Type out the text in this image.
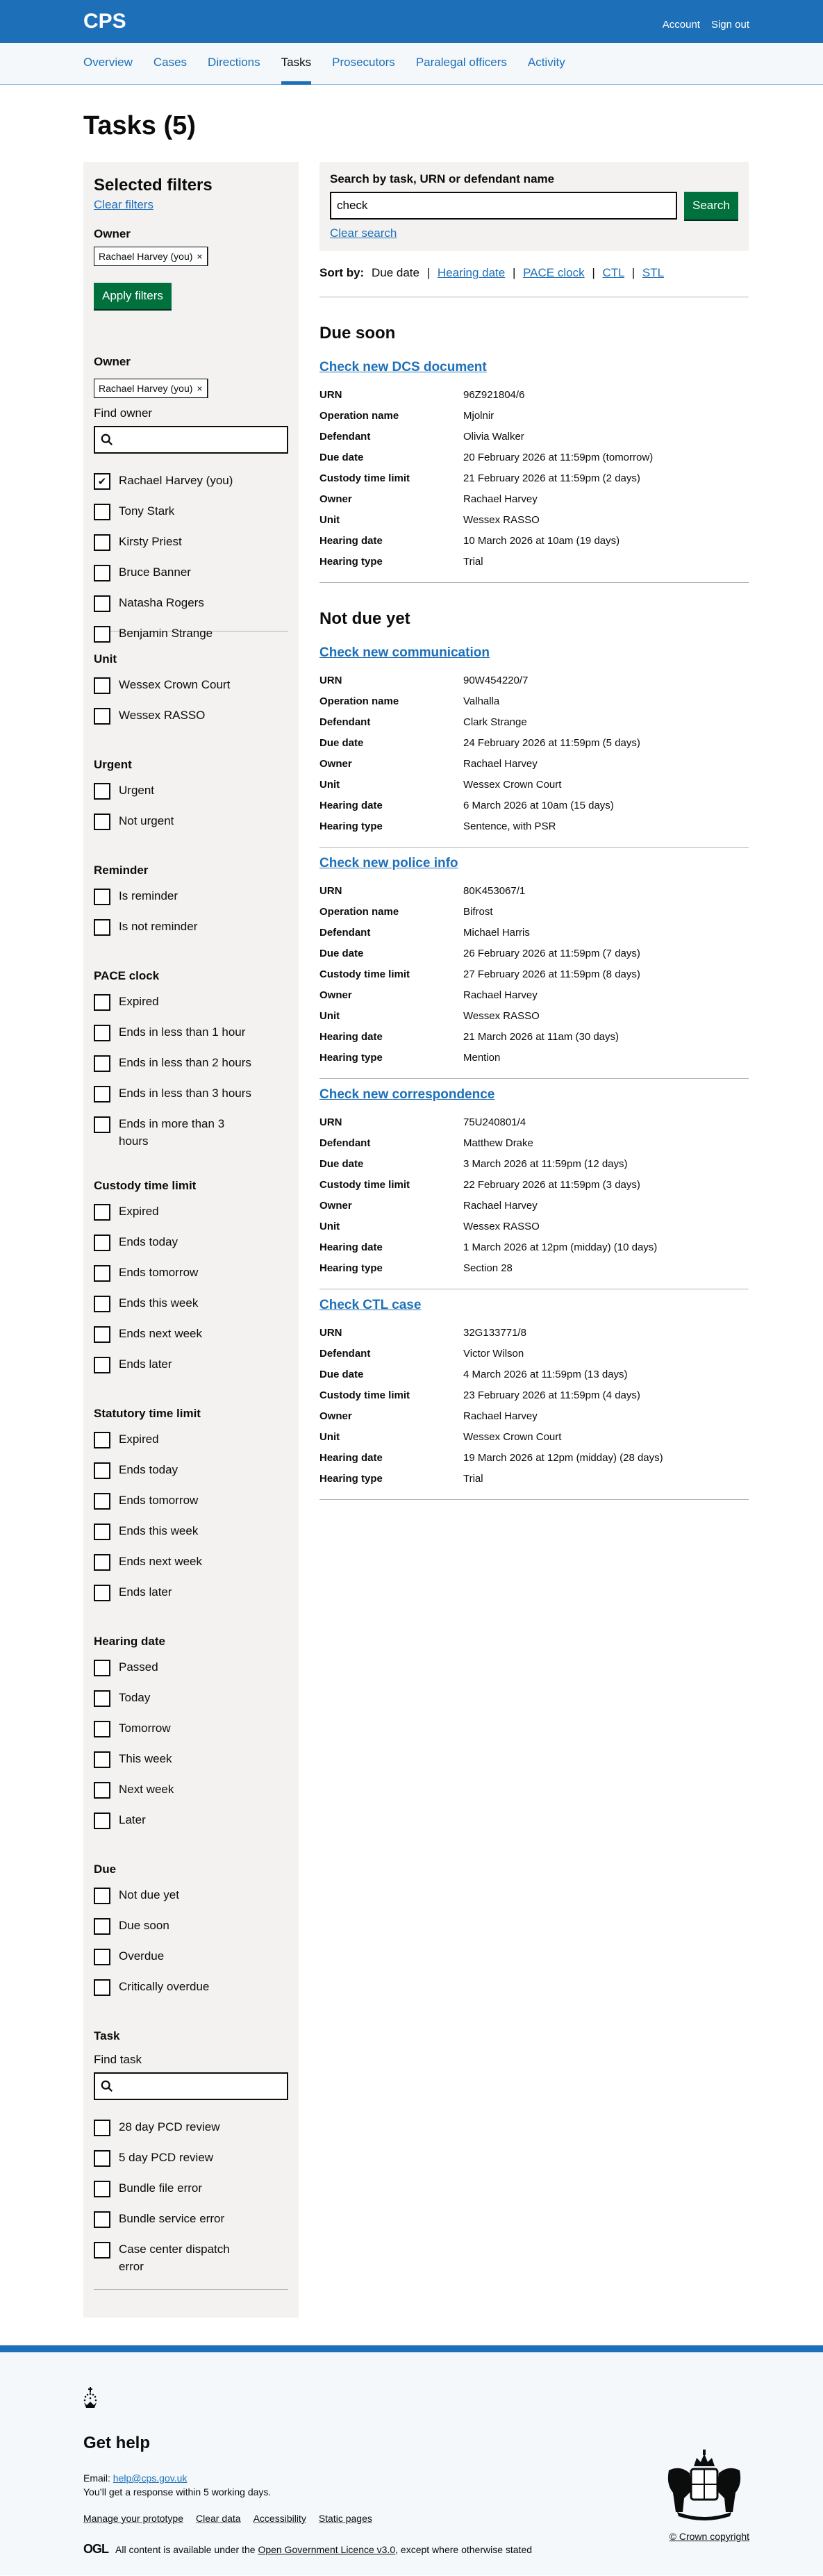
CPS	Account Sign out
Overview Cases Directions Tasks Prosecutors Paralegal officers Activity
Tasks (5)
Selected filters
Clear filters
Owner
Rachael Harvey (you) ×

Apply filters
Owner
Rachael Harvey (you) ×
Find owner
✔	Rachael Harvey (you)
Tony Stark
Kirsty Priest
Bruce Banner
Natasha Rogers
Benjamin Strange
Unit
Wessex Crown Court
Wessex RASSO
Urgent
Urgent
Not urgent
Reminder
Is reminder
Is not reminder
PACE clock
Expired
Ends in less than 1 hour
Ends in less than 2 hours
Ends in less than 3 hours
Ends in more than 3 hours
Custody time limit
Expired
Ends today
Ends tomorrow
Ends this week
Ends next week
Ends later
Statutory time limit
Expired
Ends today
Ends tomorrow
Ends this week
Ends next week
Ends later
Hearing date
Passed
Today
Tomorrow
This week
Next week
Later
Due
Not due yet
Due soon
Overdue
Critically overdue
Task
Find task
28 day PCD review
5 day PCD review
Bundle file error
Bundle service error
Case center dispatch error
Search by task, URN or defendant name
check
Search
Clear search
Sort by: Due date | Hearing date | PACE clock | CTL | STL
Due soon
Check new DCS document
URN	96Z921804/6
Operation name	Mjolnir
Defendant	Olivia Walker
Due date	20 February 2026 at 11:59pm (tomorrow)
Custody time limit	21 February 2026 at 11:59pm (2 days)
Owner	Rachael Harvey
Unit	Wessex RASSO
Hearing date	10 March 2026 at 10am (19 days)
Hearing type	Trial
Not due yet
Check new communication
URN	90W454220/7
Operation name	Valhalla
Defendant	Clark Strange
Due date	24 February 2026 at 11:59pm (5 days)
Owner	Rachael Harvey
Unit	Wessex Crown Court
Hearing date	6 March 2026 at 10am (15 days)
Hearing type	Sentence, with PSR
Check new police info
URN	80K453067/1
Operation name	Bifrost
Defendant	Michael Harris
Due date	26 February 2026 at 11:59pm (7 days)
Custody time limit	27 February 2026 at 11:59pm (8 days)
Owner	Rachael Harvey
Unit	Wessex RASSO
Hearing date	21 March 2026 at 11am (30 days)
Hearing type	Mention
Check new correspondence
URN	75U240801/4
Defendant	Matthew Drake
Due date	3 March 2026 at 11:59pm (12 days)
Custody time limit	22 February 2026 at 11:59pm (3 days)
Owner	Rachael Harvey
Unit	Wessex RASSO
Hearing date	1 March 2026 at 12pm (midday) (10 days)
Hearing type	Section 28
Check CTL case
URN	32G133771/8
Defendant	Victor Wilson
Due date	4 March 2026 at 11:59pm (13 days)
Custody time limit	23 February 2026 at 11:59pm (4 days)
Owner	Rachael Harvey
Unit	Wessex Crown Court
Hearing date	19 March 2026 at 12pm (midday) (28 days)
Hearing type	Trial
Get help
Email: help@cps.gov.uk
You’ll get a response within 5 working days.
Manage your prototype Clear data Accessibility Static pages
OGL All content is available under the Open Government Licence v3.0, except where otherwise stated
© Crown copyright
